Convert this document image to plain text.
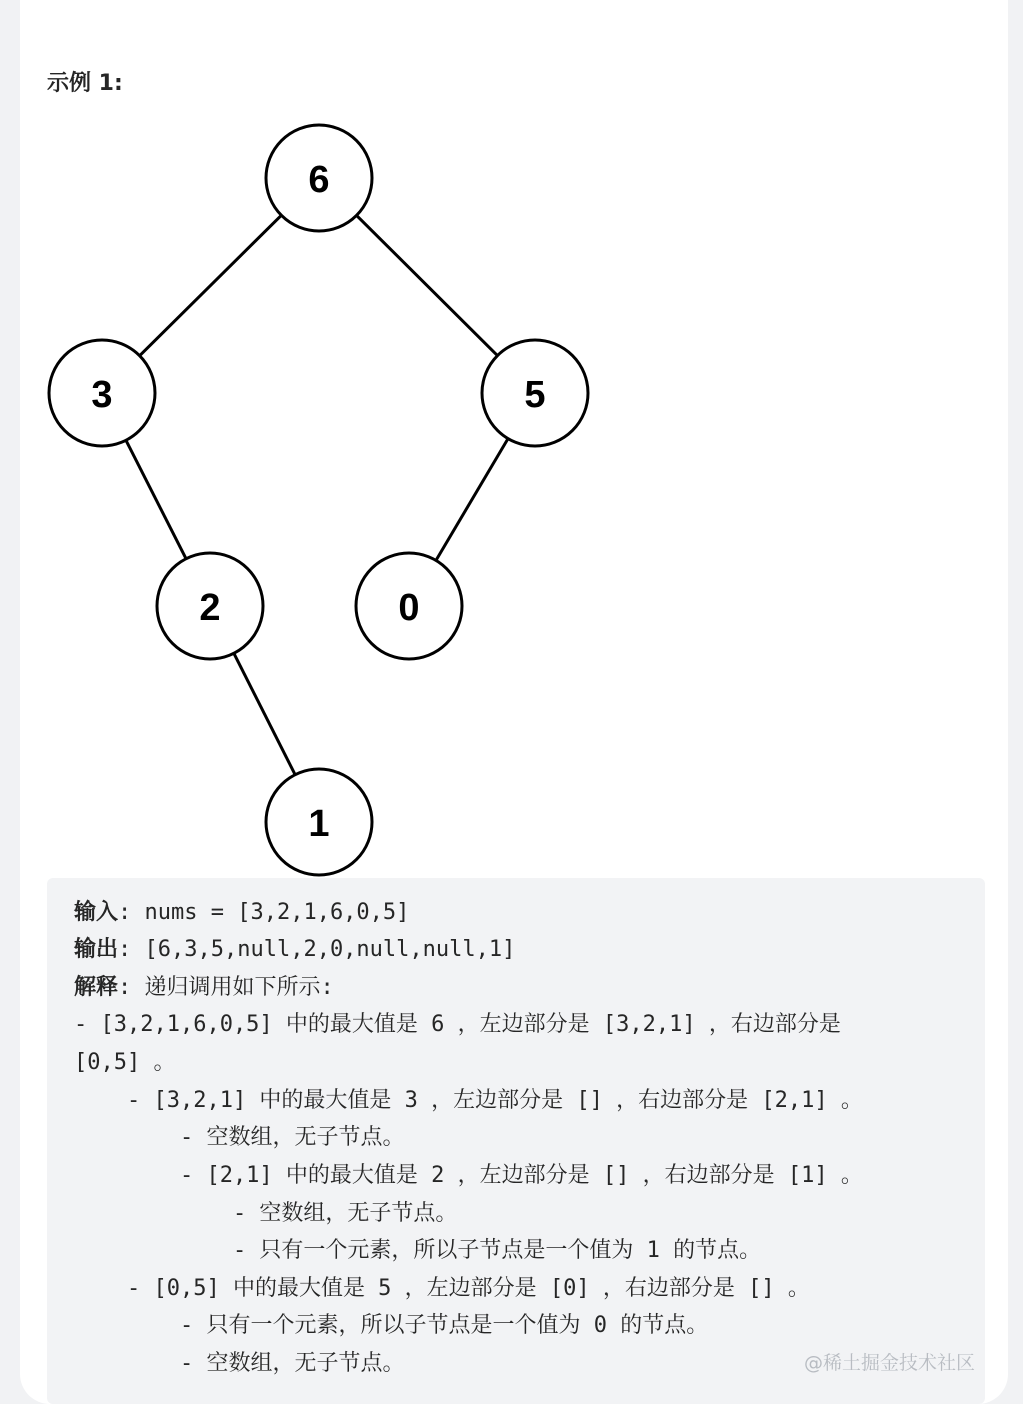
示例 1:
6
3	5
2	0
1
输入: nums = [3,2,1,6,0,5]
输出: [6,3,5,null,2,0,null,null,1]
解释: 递归调用如下所示:
- [3,2,1,6,0,5] 中的最大值是 6 ，左边部分是 [3,2,1] ，右边部分是
[0,5] 。
- [3,2,1] 中的最大值是 3 ，左边部分是 [] ，右边部分是 [2,1] 。
- 空数组，无子节点。
- [2,1] 中的最大值是 2 ，左边部分是 [] ，右边部分是 [1] 。
- 空数组，无子节点。
- 只有一个元素，所以子节点是一个值为 1 的节点。
- [0,5] 中的最大值是 5 ，左边部分是 [0] ，右边部分是 [] 。
- 只有一个元素，所以子节点是一个值为 0 的节点。
- 空数组，无子节点。	@稀土掘金技术社区
